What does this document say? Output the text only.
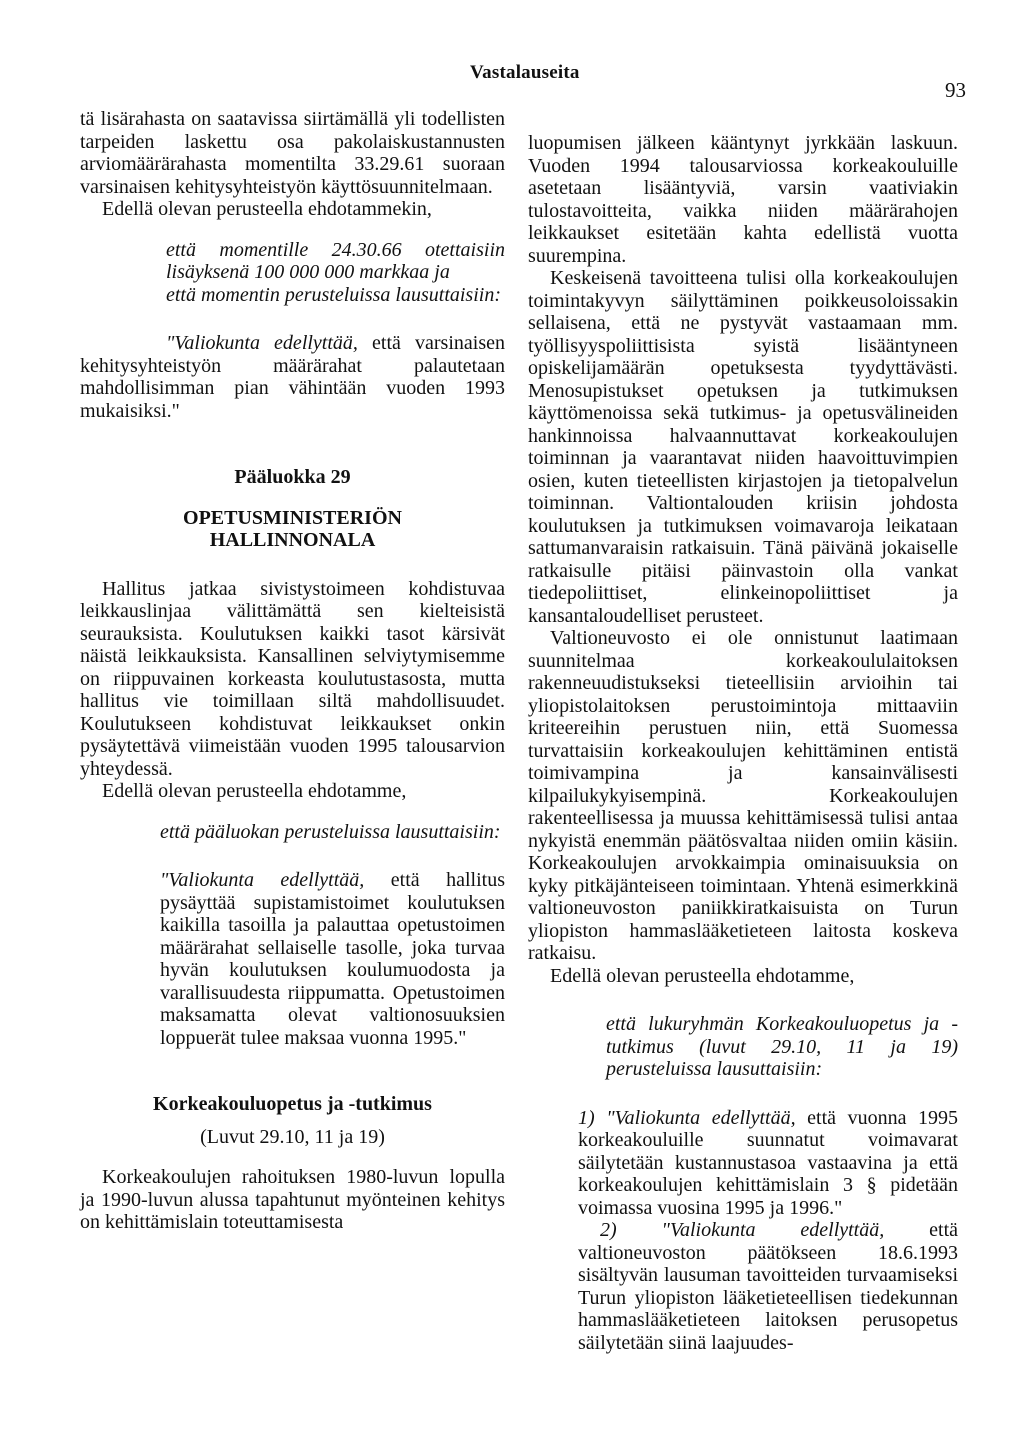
Vastalauseita
93

tä lisärahasta on saatavissa siirtämällä yli todellisten tarpeiden laskettu osa pakolaiskustannusten arviomäärärahasta momentilta 33.29.61 suoraan varsinaisen kehitysyhteistyön käyttösuunnitelmaan.

Edellä olevan perusteella ehdotammekin,

että momentille 24.30.66 otettaisiin lisäyksenä 100 000 000 markkaa ja

että momentin perusteluissa lausuttaisiin:

"Valiokunta edellyttää, että varsinaisen kehitysyhteistyön määrärahat palautetaan mahdollisimman pian vähintään vuoden 1993 mukaisiksi."

Pääluokka 29

OPETUSMINISTERIÖN HALLINNONALA

Hallitus jatkaa sivistystoimeen kohdistuvaa leikkauslinjaa välittämättä sen kielteisistä seurauksista. Koulutuksen kaikki tasot kärsivät näistä leikkauksista. Kansallinen selviytymisemme on riippuvainen korkeasta koulutustasosta, mutta hallitus vie toimillaan siltä mahdollisuudet. Koulutukseen kohdistuvat leikkaukset onkin pysäytettävä viimeistään vuoden 1995 talousarvion yhteydessä.

Edellä olevan perusteella ehdotamme,

että pääluokan perusteluissa lausuttaisiin:

"Valiokunta edellyttää, että hallitus pysäyttää supistamistoimet koulutuksen kaikilla tasoilla ja palauttaa opetustoimen määrärahat sellaiselle tasolle, joka turvaa hyvän koulutuksen koulumuodosta ja varallisuudesta riippumatta. Opetustoimen maksamatta olevat valtionosuuksien loppuerät tulee maksaa vuonna 1995."

Korkeakouluopetus ja -tutkimus

(Luvut 29.10, 11 ja 19)

Korkeakoulujen rahoituksen 1980-luvun lopulla ja 1990-luvun alussa tapahtunut myönteinen kehitys on kehittämislain toteuttamisesta

luopumisen jälkeen kääntynyt jyrkkään laskuun. Vuoden 1994 talousarviossa korkeakouluille asetetaan lisääntyviä, varsin vaativiakin tulostavoitteita, vaikka niiden määrärahojen leikkaukset esitetään kahta edellistä vuotta suurempina.

Keskeisenä tavoitteena tulisi olla korkeakoulujen toimintakyvyn säilyttäminen poikkeusoloissakin sellaisena, että ne pystyvät vastaamaan mm. työllisyyspoliittisista syistä lisääntyneen opiskelijamäärän opetuksesta tyydyttävästi. Menosupistukset opetuksen ja tutkimuksen käyttömenoissa sekä tutkimus- ja opetusvälineiden hankinnoissa halvaannuttavat korkeakoulujen toiminnan ja vaarantavat niiden haavoittuvimpien osien, kuten tieteellisten kirjastojen ja tietopalvelun toiminnan. Valtiontalouden kriisin johdosta koulutuksen ja tutkimuksen voimavaroja leikataan sattumanvaraisin ratkaisuin. Tänä päivänä jokaiselle ratkaisulle pitäisi päinvastoin olla vankat tiedepoliittiset, elinkeinopoliittiset ja kansantaloudelliset perusteet.

Valtioneuvosto ei ole onnistunut laatimaan suunnitelmaa korkeakoululaitoksen rakenneuudistukseksi tieteellisiin arvioihin tai yliopistolaitoksen perustoimintoja mittaaviin kriteereihin perustuen niin, että Suomessa turvattaisiin korkeakoulujen kehittäminen entistä toimivampina ja kansainvälisesti kilpailukykyisempinä. Korkeakoulujen rakenteellisessa ja muussa kehittämisessä tulisi antaa nykyistä enemmän päätösvaltaa niiden omiin käsiin. Korkeakoulujen arvokkaimpia ominaisuuksia on kyky pitkäjänteiseen toimintaan. Yhtenä esimerkkinä valtioneuvoston paniikkiratkaisuista on Turun yliopiston hammaslääketieteen laitosta koskeva ratkaisu.

Edellä olevan perusteella ehdotamme,

että lukuryhmän Korkeakouluopetus ja -tutkimus (luvut 29.10, 11 ja 19) perusteluissa lausuttaisiin:

1) "Valiokunta edellyttää, että vuonna 1995 korkeakouluille suunnatut voimavarat säilytetään kustannustasoa vastaavina ja että korkeakoulujen kehittämislain 3 § pidetään voimassa vuosina 1995 ja 1996."

2) "Valiokunta edellyttää, että valtioneuvoston päätökseen 18.6.1993 sisältyvän lausuman tavoitteiden turvaamiseksi Turun yliopiston lääketieteellisen tiedekunnan hammaslääketieteen laitoksen perusopetus säilytetään siinä laajuudes-
